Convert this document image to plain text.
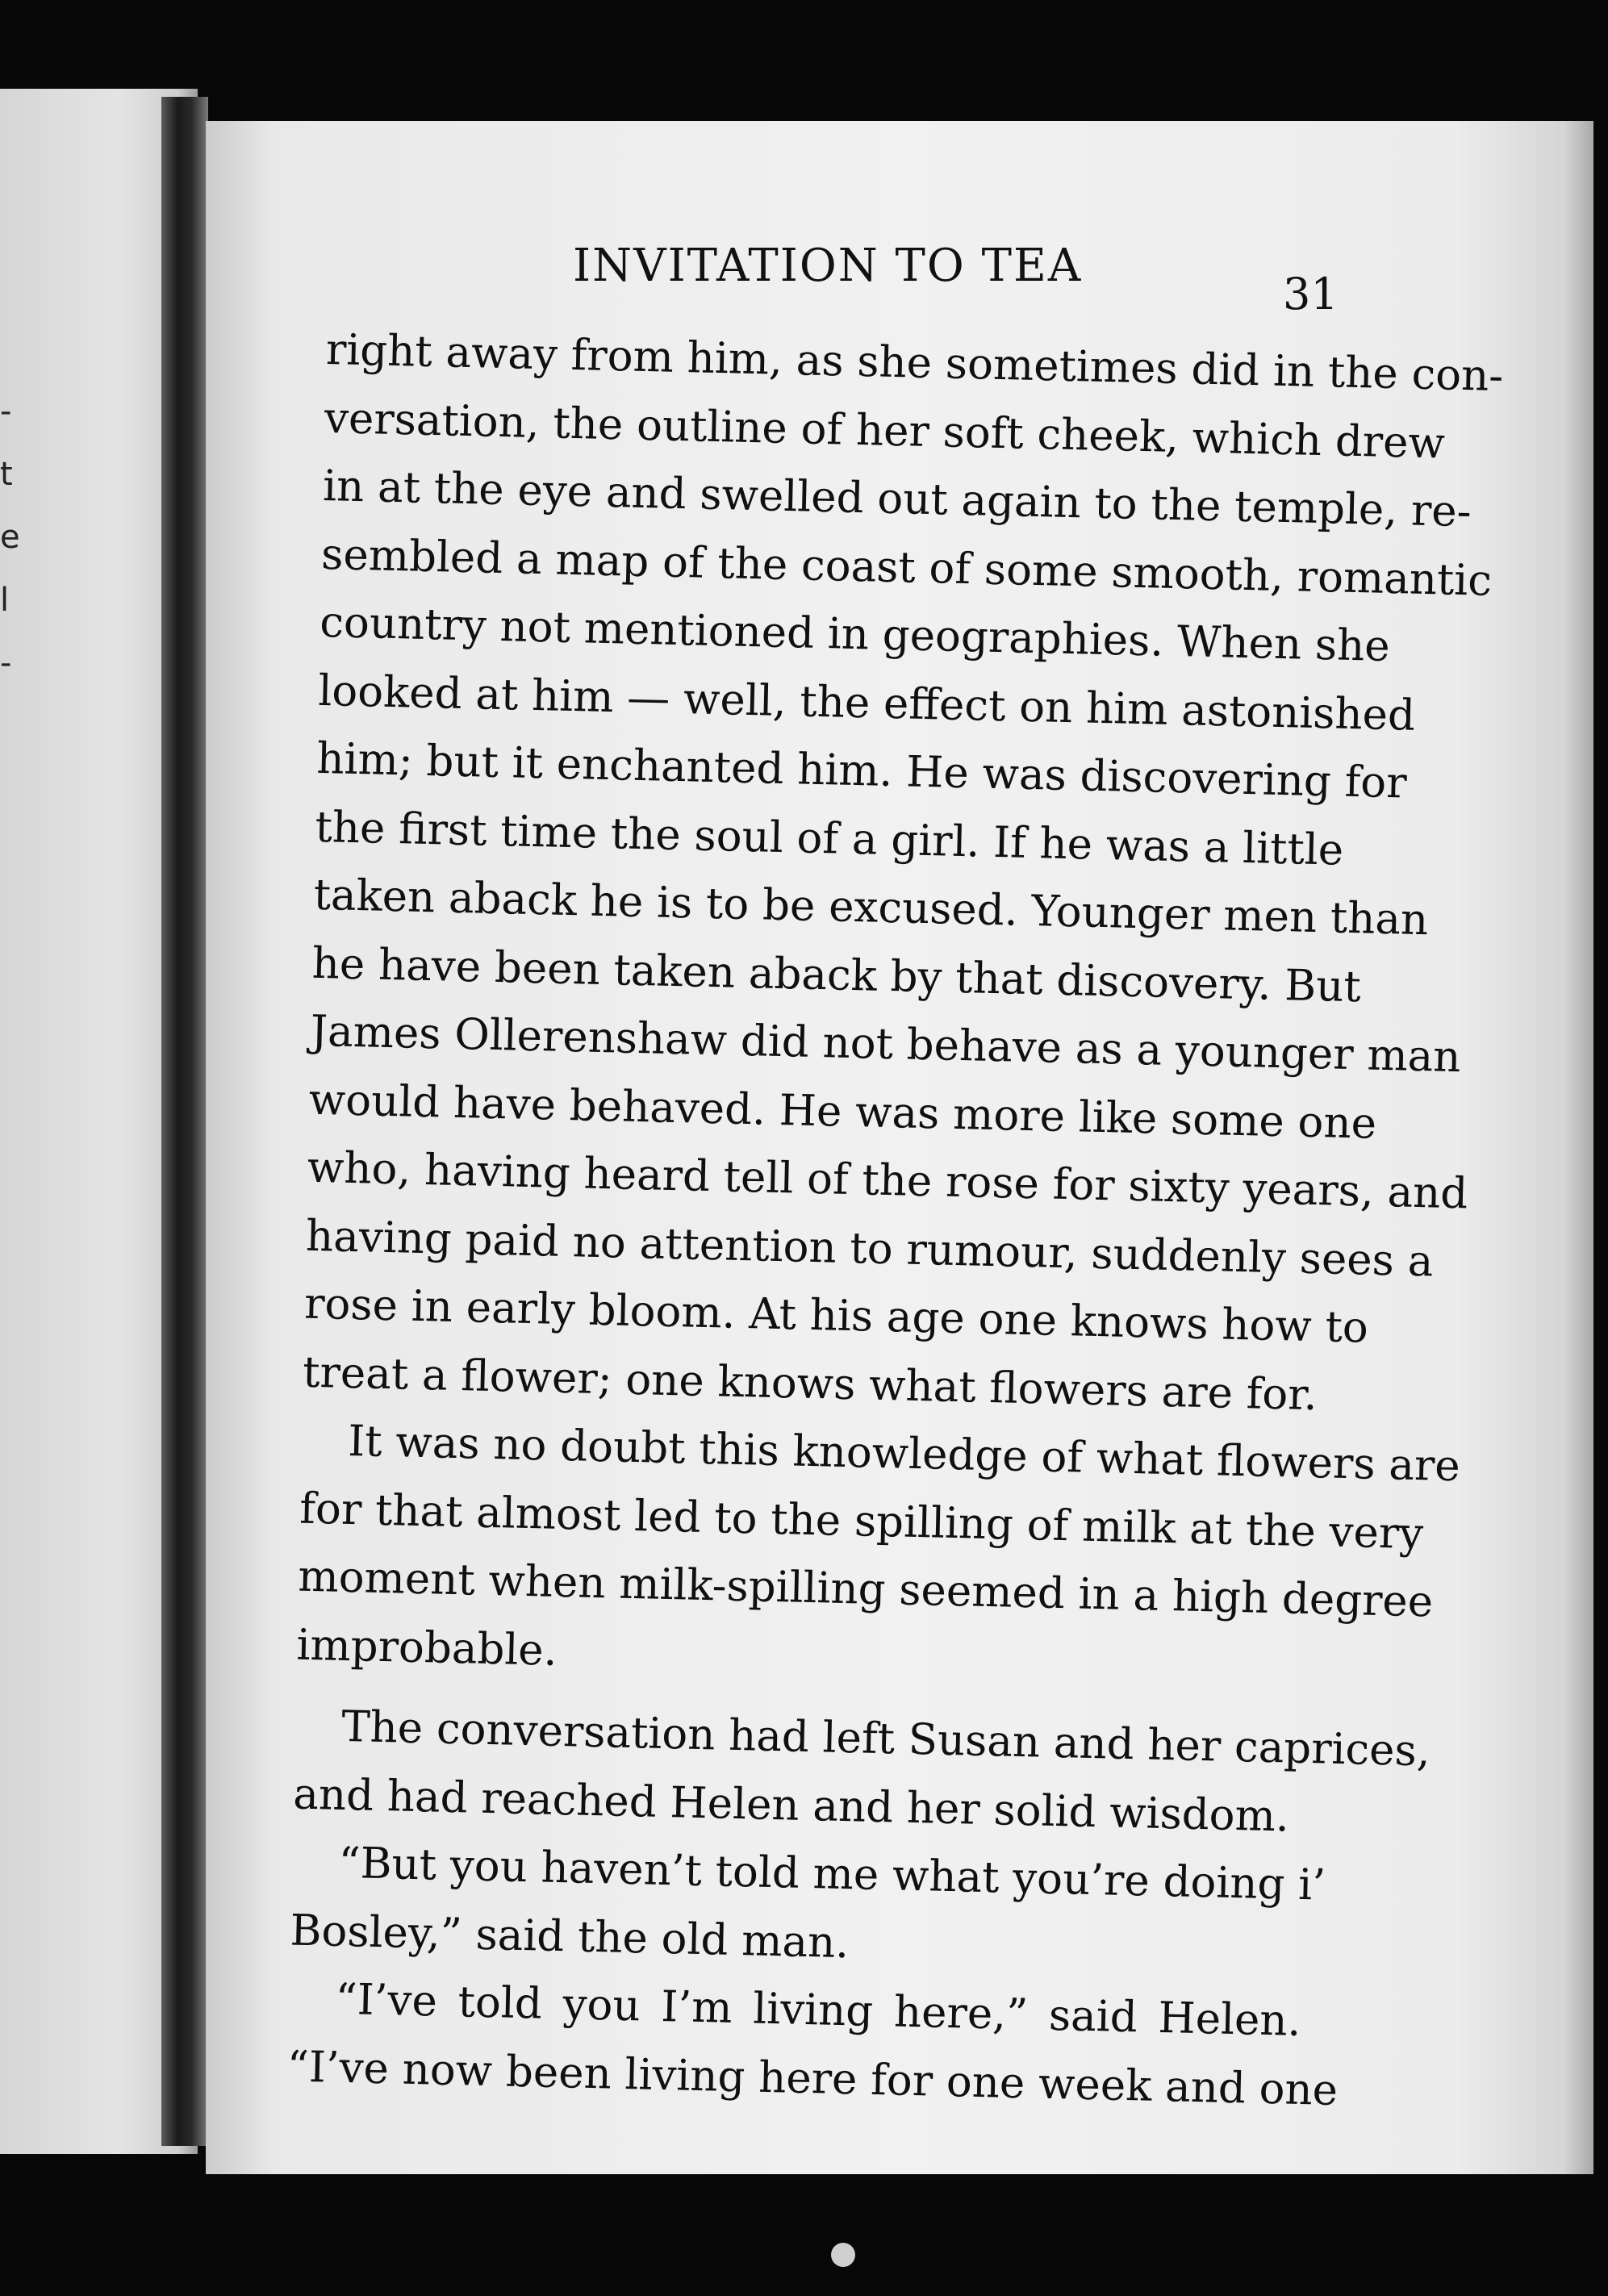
-
t
e
l
-
INVITATION TO TEA
31
right away from him, as she sometimes did in the con-
versation, the outline of her soft cheek, which drew
in at the eye and swelled out again to the temple, re-
sembled a map of the coast of some smooth, romantic
country not mentioned in geographies. When she
looked at him — well, the effect on him astonished
him; but it enchanted him. He was discovering for
the first time the soul of a girl. If he was a little
taken aback he is to be excused. Younger men than
he have been taken aback by that discovery. But
James Ollerenshaw did not behave as a younger man
would have behaved. He was more like some one
who, having heard tell of the rose for sixty years, and
having paid no attention to rumour, suddenly sees a
rose in early bloom. At his age one knows how to
treat a flower; one knows what flowers are for.
It was no doubt this knowledge of what flowers are
for that almost led to the spilling of milk at the very
moment when milk-spilling seemed in a high degree
improbable.
The conversation had left Susan and her caprices,
and had reached Helen and her solid wisdom.
“But you haven’t told me what you’re doing i’
Bosley,” said the old man.
“I’ve told you I’m living here,” said Helen.
“I’ve now been living here for one week and one
